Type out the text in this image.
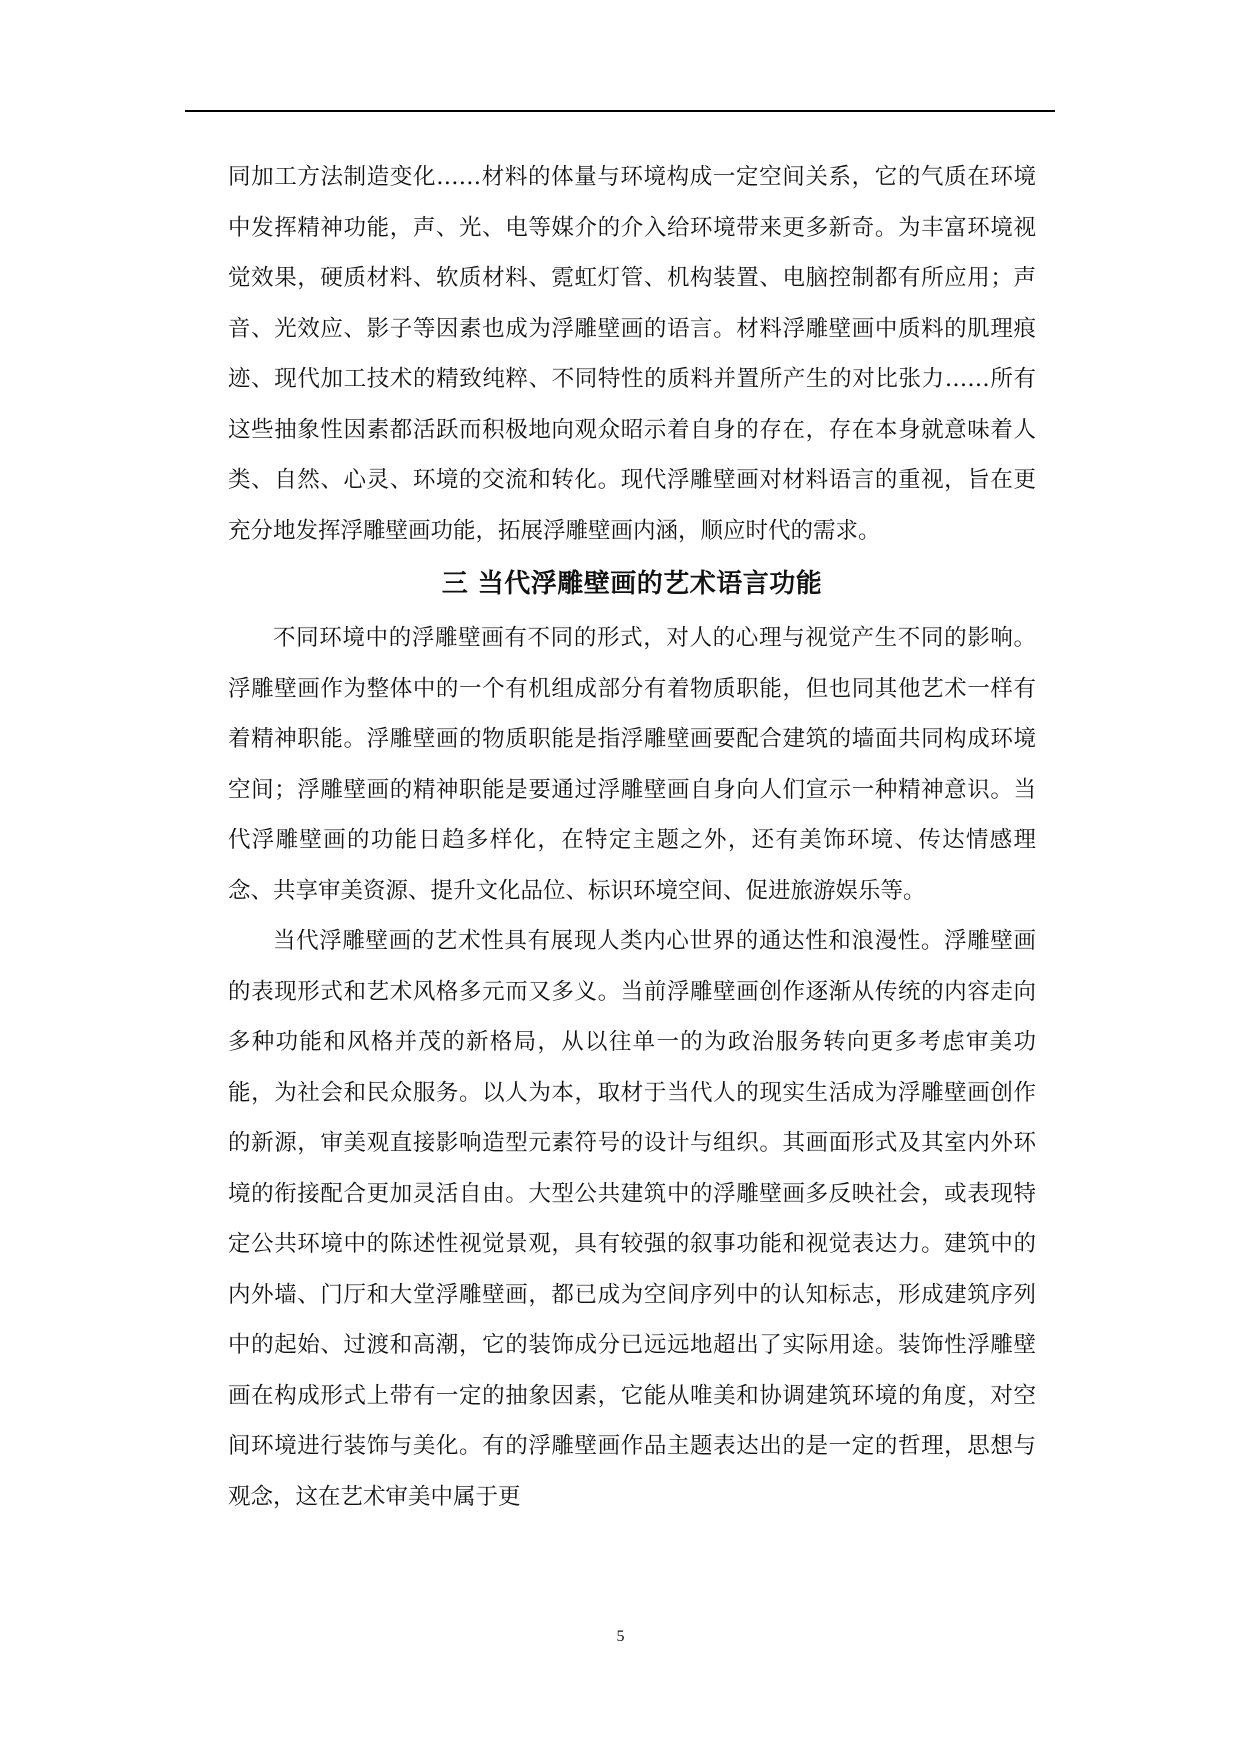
同加工方法制造变化……材料的体量与环境构成一定空间关系，它的气质在环境中发挥精神功能，声、光、电等媒介的介入给环境带来更多新奇。为丰富环境视觉效果，硬质材料、软质材料、霓虹灯管、机构装置、电脑控制都有所应用；声音、光效应、影子等因素也成为浮雕壁画的语言。材料浮雕壁画中质料的肌理痕迹、现代加工技术的精致纯粹、不同特性的质料并置所产生的对比张力……所有这些抽象性因素都活跃而积极地向观众昭示着自身的存在，存在本身就意味着人类、自然、心灵、环境的交流和转化。现代浮雕壁画对材料语言的重视，旨在更充分地发挥浮雕壁画功能，拓展浮雕壁画内涵，顺应时代的需求。

三 当代浮雕壁画的艺术语言功能

不同环境中的浮雕壁画有不同的形式，对人的心理与视觉产生不同的影响。浮雕壁画作为整体中的一个有机组成部分有着物质职能，但也同其他艺术一样有着精神职能。浮雕壁画的物质职能是指浮雕壁画要配合建筑的墙面共同构成环境空间；浮雕壁画的精神职能是要通过浮雕壁画自身向人们宣示一种精神意识。当代浮雕壁画的功能日趋多样化，在特定主题之外，还有美饰环境、传达情感理念、共享审美资源、提升文化品位、标识环境空间、促进旅游娱乐等。

当代浮雕壁画的艺术性具有展现人类内心世界的通达性和浪漫性。浮雕壁画的表现形式和艺术风格多元而又多义。当前浮雕壁画创作逐渐从传统的内容走向多种功能和风格并茂的新格局，从以往单一的为政治服务转向更多考虑审美功能，为社会和民众服务。以人为本，取材于当代人的现实生活成为浮雕壁画创作的新源，审美观直接影响造型元素符号的设计与组织。其画面形式及其室内外环境的衔接配合更加灵活自由。大型公共建筑中的浮雕壁画多反映社会，或表现特定公共环境中的陈述性视觉景观，具有较强的叙事功能和视觉表达力。建筑中的内外墙、门厅和大堂浮雕壁画，都已成为空间序列中的认知标志，形成建筑序列中的起始、过渡和高潮，它的装饰成分已远远地超出了实际用途。装饰性浮雕壁画在构成形式上带有一定的抽象因素，它能从唯美和协调建筑环境的角度，对空间环境进行装饰与美化。有的浮雕壁画作品主题表达出的是一定的哲理，思想与观念，这在艺术审美中属于更

5
